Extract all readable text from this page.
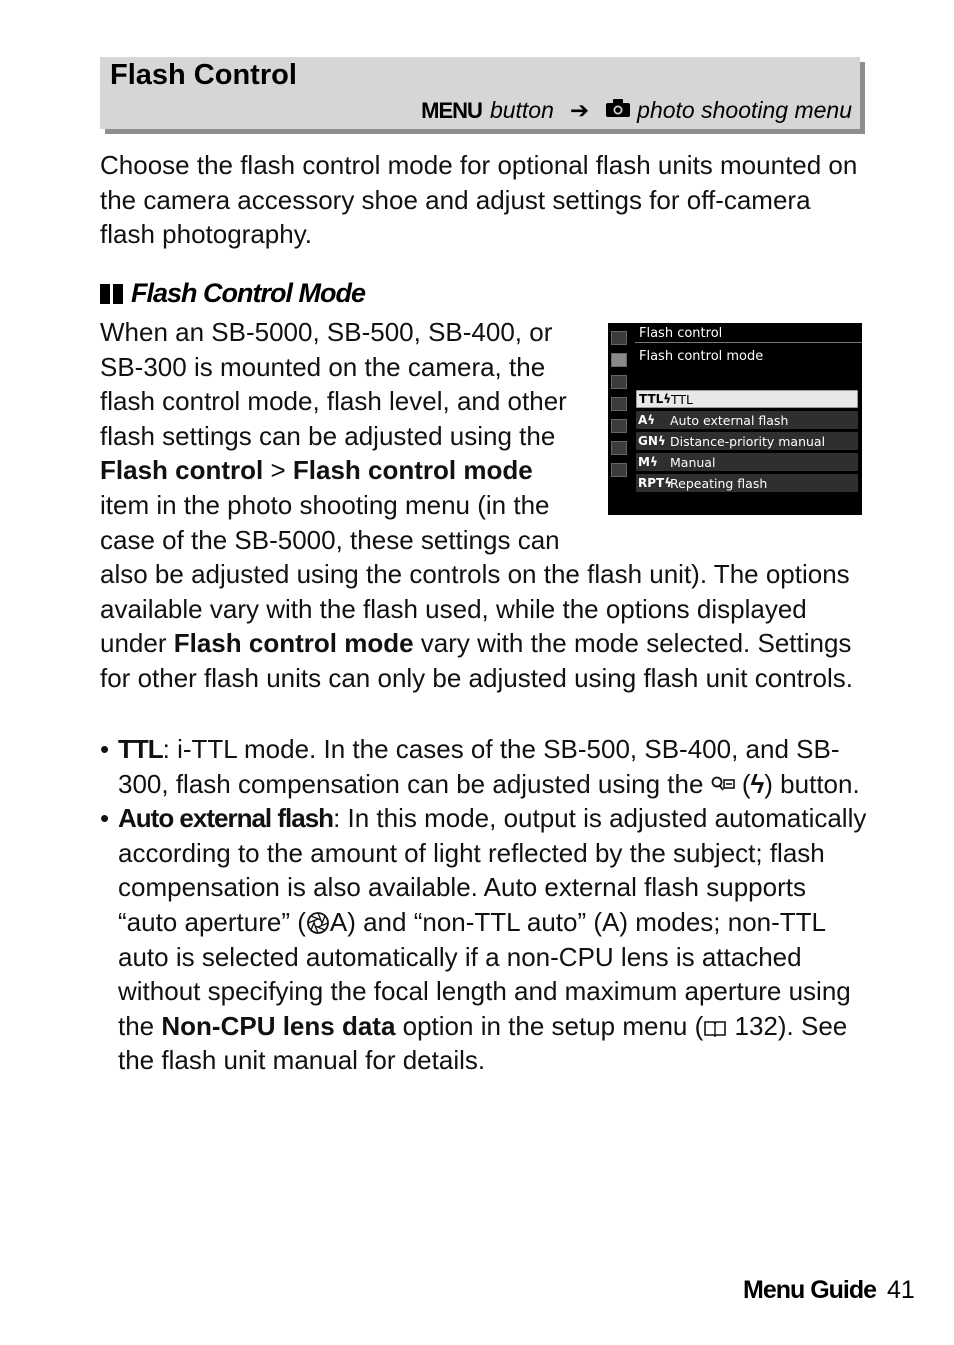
Flash Control
MENU button ➔ photo shooting menu
Choose the flash control mode for optional flash units mounted on the camera accessory shoe and adjust settings for off-camera flash photography.
Flash Control Mode
When an SB-5000, SB-500, SB-400, or SB-300 is mounted on the camera, the flash control mode, flash level, and other flash settings can be adjusted using the Flash control > Flash control mode item in the photo shooting menu (in the case of the SB-5000, these settings can also be adjusted using the controls on the flash unit). The options available vary with the flash used, while the options displayed under Flash control mode vary with the mode selected. Settings for other flash units can only be adjusted using flash unit controls.
Flash control
Flash control mode
TTLϟ TTL
Aϟ	Auto external flash
GNϟ Distance-priority manual
Mϟ Manual
RPTϟ
Repeating flash
• TTL: i-TTL mode. In the cases of the SB-500, SB-400, and SB-300, flash compensation can be adjusted using the  (ϟ) button.
• Auto external flash: In this mode, output is adjusted automatically according to the amount of light reflected by the subject; flash compensation is also available. Auto external flash supports “auto aperture” ( A) and “non-TTL auto” (A) modes; non-TTL auto is selected automatically if a non-CPU lens is attached without specifying the focal length and maximum aperture using the Non-CPU lens data option in the setup menu ( 132). See the flash unit manual for details.
Menu Guide 41
